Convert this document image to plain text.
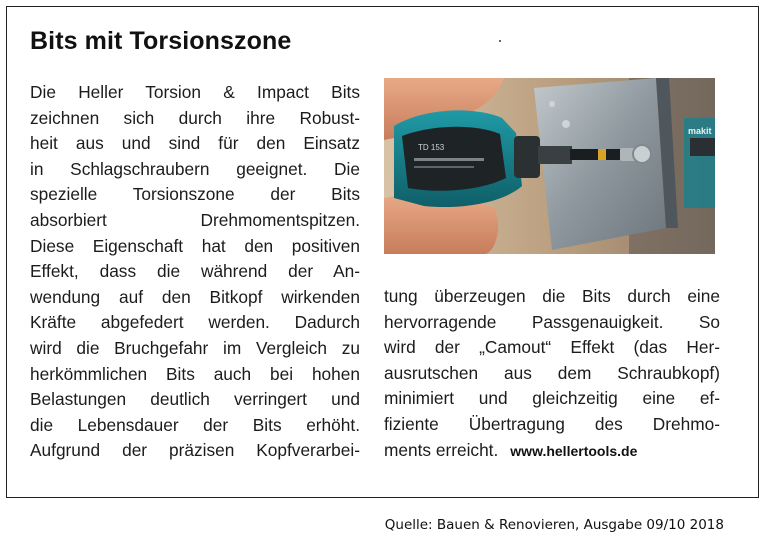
Bits mit Torsionszone
Die Heller Torsion & Impact Bits
zeichnen sich durch ihre Robust-
heit aus und sind für den Einsatz
in Schlagschraubern geeignet. Die
spezielle Torsionszone der Bits
absorbiert Drehmomentspitzen.
Diese Eigenschaft hat den positiven
Effekt, dass die während der An-
wendung auf den Bitkopf wirkenden
Kräfte abgefedert werden. Dadurch
wird die Bruchgefahr im Vergleich zu
herkömmlichen Bits auch bei hohen
Belastungen deutlich verringert und
die Lebensdauer der Bits erhöht.
Aufgrund der präzisen Kopfverarbei-
TD 153
makit
tung überzeugen die Bits durch eine
hervorragende Passgenauigkeit. So
wird der „Camout“ Effekt (das Her-
ausrutschen aus dem Schraubkopf)
minimiert und gleichzeitig eine ef-
fiziente Übertragung des Drehmo-
ments erreicht. www.hellertools.de
Quelle: Bauen & Renovieren, Ausgabe 09/10 2018
